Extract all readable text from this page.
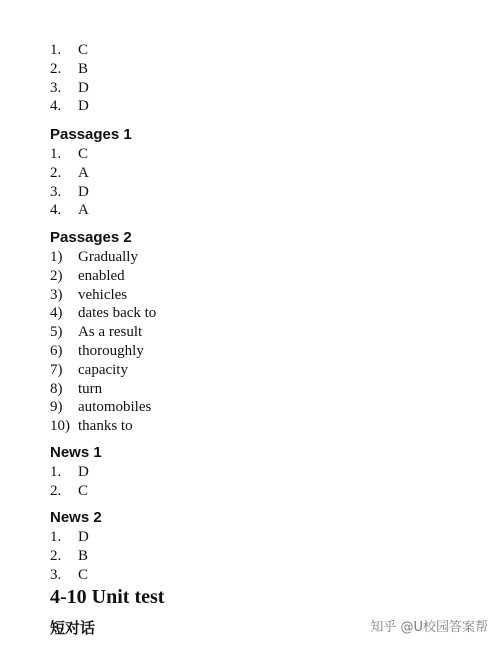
1.	C
2.	B
3.	D
4.	D
Passages 1
1.	C
2.	A
3.	D
4.	A
Passages 2
1)	Gradually
2)	enabled
3)	vehicles
4)	dates back to
5)	As a result
6)	thoroughly
7)	capacity
8)	turn
9)	automobiles
10) thanks to
News 1
1.	D
2.	C
News 2
1.	D
2.	B
3.	C
4-10 Unit test
短对话	知乎 @U校园答案帮
